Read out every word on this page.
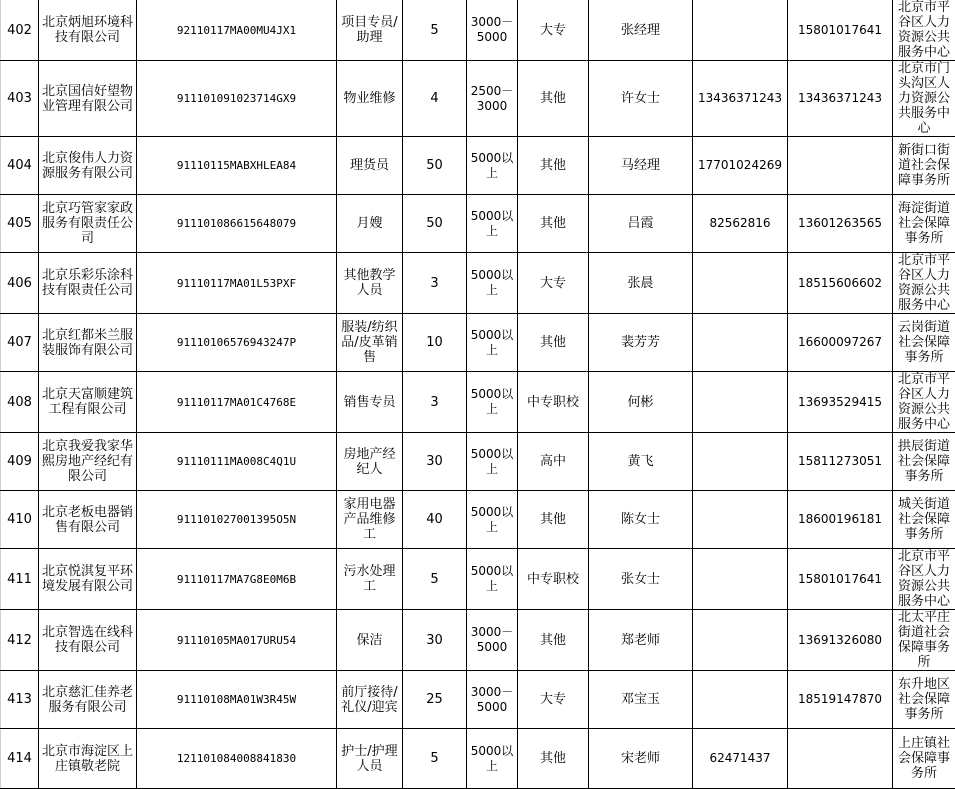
402	北京炳旭环境科技有限公司	92110117MA00MU4JX1	项目专员/助理	5	3000－5000	大专	张经理		15801017641	北京市平谷区人力资源公共服务中心
403	北京国信好望物业管理有限公司	911101091023714GX9	物业维修	4	2500－3000	其他	许女士	13436371243	13436371243	北京市门头沟区人力资源公共服务中心
404	北京俊伟人力资源服务有限公司	91110115MABXHLEA84	理货员	50	5000以上	其他	马经理	17701024269		新街口街道社会保障事务所
405	北京巧管家家政服务有限责任公司	911101086615648079	月嫂	50	5000以上	其他	吕霞	82562816	13601263565	海淀街道社会保障事务所
406	北京乐彩乐涂科技有限责任公司	91110117MA01L53PXF	其他教学人员	3	5000以上	大专	张晨		18515606602	北京市平谷区人力资源公共服务中心
407	北京红都米兰服装服饰有限公司	91110106576943247P	服装/纺织品/皮革销售	10	5000以上	其他	裴芳芳		16600097267	云岗街道社会保障事务所
408	北京天富顺建筑工程有限公司	91110117MA01C4768E	销售专员	3	5000以上	中专职校	何彬		13693529415	北京市平谷区人力资源公共服务中心
409	北京我爱我家华熙房地产经纪有限公司	91110111MA008C4Q1U	房地产经纪人	30	5000以上	高中	黄飞		15811273051	拱辰街道社会保障事务所
410	北京老板电器销售有限公司	911101027001395O5N	家用电器产品维修工	40	5000以上	其他	陈女士		18600196181	城关街道社会保障事务所
411	北京悦淇复平环境发展有限公司	91110117MA7G8E0M6B	污水处理工	5	5000以上	中专职校	张女士		15801017641	北京市平谷区人力资源公共服务中心
412	北京智选在线科技有限公司	91110105MA017URU54	保洁	30	3000－5000	其他	郑老师		13691326080	北太平庄街道社会保障事务所
413	北京慈汇佳养老服务有限公司	91110108MA01W3R45W	前厅接待/礼仪/迎宾	25	3000－5000	大专	邓宝玉		18519147870	东升地区社会保障事务所
414	北京市海淀区上庄镇敬老院	121101084008841830	护士/护理人员	5	5000以上	其他	宋老师	62471437		上庄镇社会保障事务所
